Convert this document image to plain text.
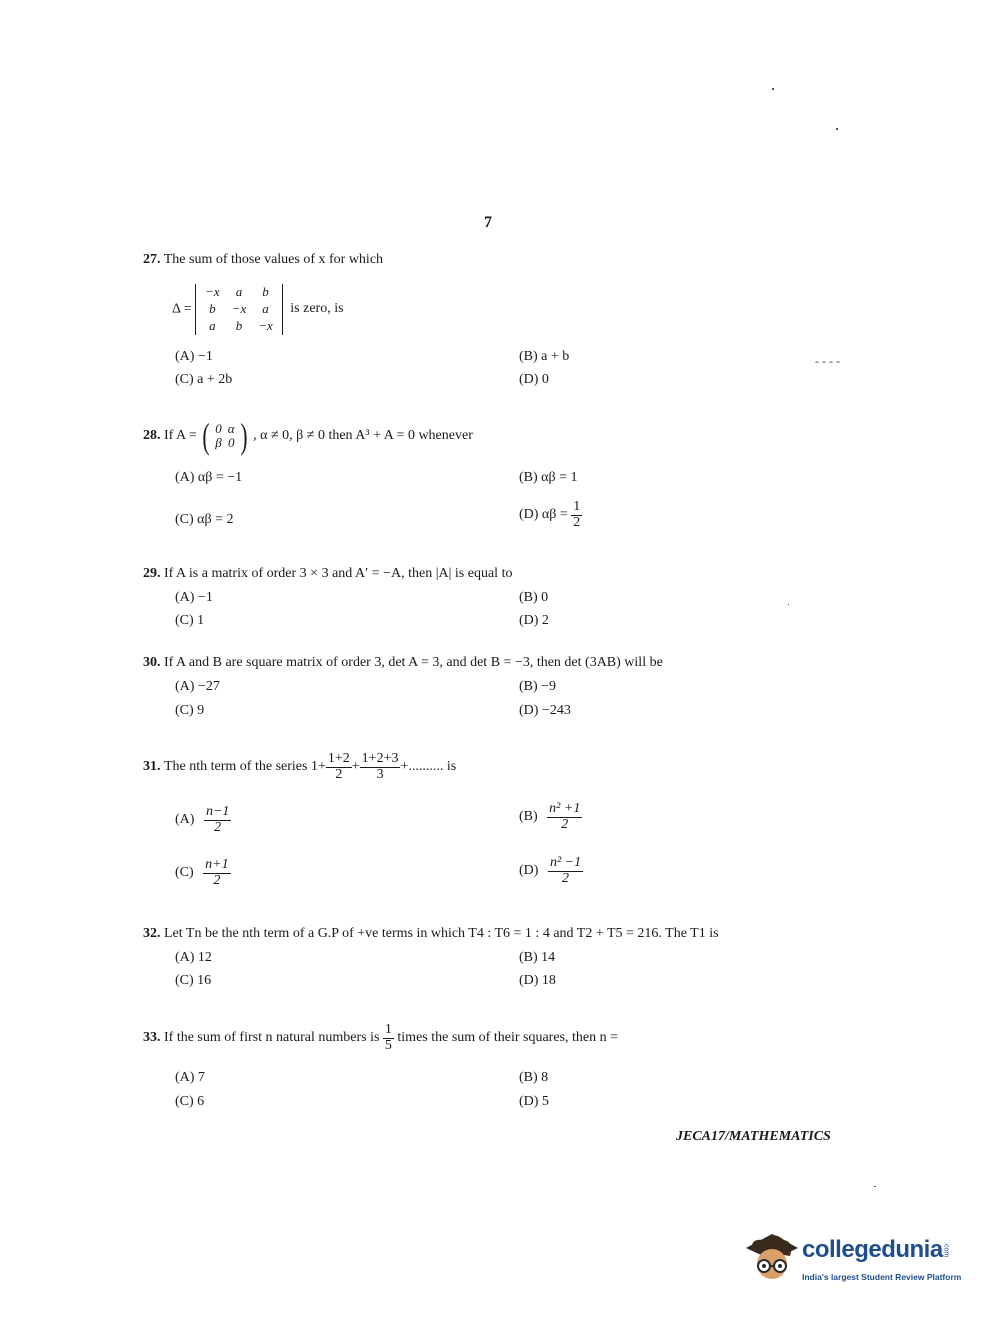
7
27. The sum of those values of x for which
Δ =
−x	a	b
b	−x	a
a	b	−x
is zero, is
(A) −1	(B) a + b
(C) a + 2b	(D) 0
- - - -
28. If A = ( 0	α
β	0 ) , α ≠ 0, β ≠ 0 then A³ + A = 0 whenever
(A) αβ = −1	(B) αβ = 1
(C) αβ = 2	(D) $\alpha\beta = \frac{1}{2}$
29. If A is a matrix of order 3 × 3 and A′ = −A, then |A| is equal to
(A) −1	(B) 0
(C) 1	(D) 2
30. If A and B are square matrix of order 3, det A = 3, and det B = −3, then det (3AB) will be
(A) −27	(B) −9
(C) 9	(D) −243
31. The nth term of the series $1+ \frac{1+2}{2} + \frac{1+2+3}{3}$ +.......... is
$(A) \frac{n-1}{2}$	$(B) \frac{\text{n² +1}}{2}$
$(C) \frac{n+1}{2}$	$(D) \frac{\text{n² −1}}{2}$
32. Let Tn be the nth term of a G.P of +ve terms in which T4 : T6 = 1 : 4 and T2 + T5 = 216. The T1 is
(A) 12	(B) 14
(C) 16	(D) 18
33. If the sum of first n natural numbers is $\frac{1}{5}$ times the sum of their squares, then n =
(A) 7	(B) 8
(C) 6	(D) 5
JECA17/MATHEMATICS
collegedunia.com
India's largest Student Review Platform
